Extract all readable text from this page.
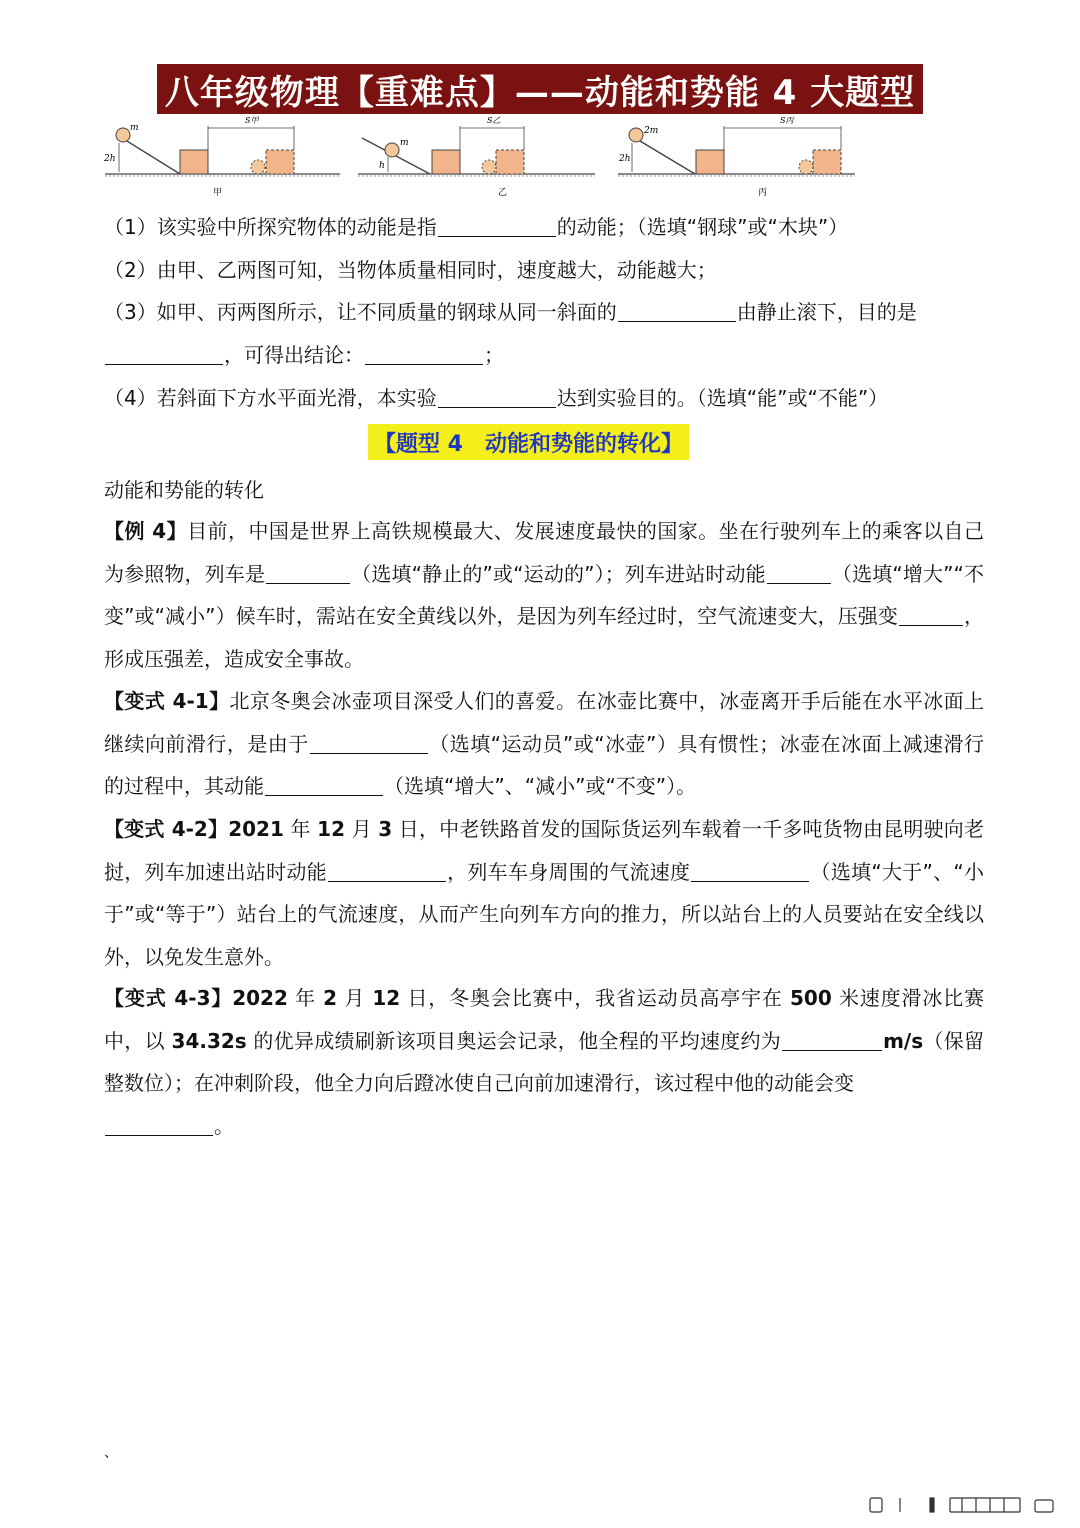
八年级物理【重难点】——动能和势能 4 大题型
m
2h
S甲
甲
m
h
S乙
乙
2m
2h
S丙
丙
（1）该实验中所探究物体的动能是指	的动能；（选填“钢球”或“木块”）
（2）由甲、乙两图可知，当物体质量相同时，速度越大，动能越大；
（3）如甲、丙两图所示，让不同质量的钢球从同一斜面的	由静止滚下，目的是
，可得出结论：	；
（4）若斜面下方水平面光滑，本实验	达到实验目的。（选填“能”或“不能”）
【题型 4　动能和势能的转化】
动能和势能的转化
【例 4】目前，中国是世界上高铁规模最大、发展速度最快的国家。坐在行驶列车上的乘客以自己为参照物，列车是	（选填“静止的”或“运动的”）；列车进站时动能	（选填“增大”“不变”或“减小”）候车时，需站在安全黄线以外，是因为列车经过时，空气流速变大，压强变	，形成压强差，造成安全事故。
【变式 4-1】北京冬奥会冰壶项目深受人们的喜爱。在冰壶比赛中，冰壶离开手后能在水平冰面上继续向前滑行，是由于	（选填“运动员”或“冰壶”）具有惯性；冰壶在冰面上减速滑行的过程中，其动能	（选填“增大”、“减小”或“不变”）。
【变式 4-2】2021 年 12 月 3 日，中老铁路首发的国际货运列车载着一千多吨货物由昆明驶向老挝，列车加速出站时动能	，列车车身周围的气流速度	（选填“大于”、“小于”或“等于”）站台上的气流速度，从而产生向列车方向的推力，所以站台上的人员要站在安全线以外，以免发生意外。
【变式 4-3】2022 年 2 月 12 日，冬奥会比赛中，我省运动员高亭宇在 500 米速度滑冰比赛中，以 34.32s 的优异成绩刷新该项目奥运会记录，他全程的平均速度约为	m/s（保留整数位）；在冲刺阶段，他全力向后蹬冰使自己向前加速滑行，该过程中他的动能会变
。
、
